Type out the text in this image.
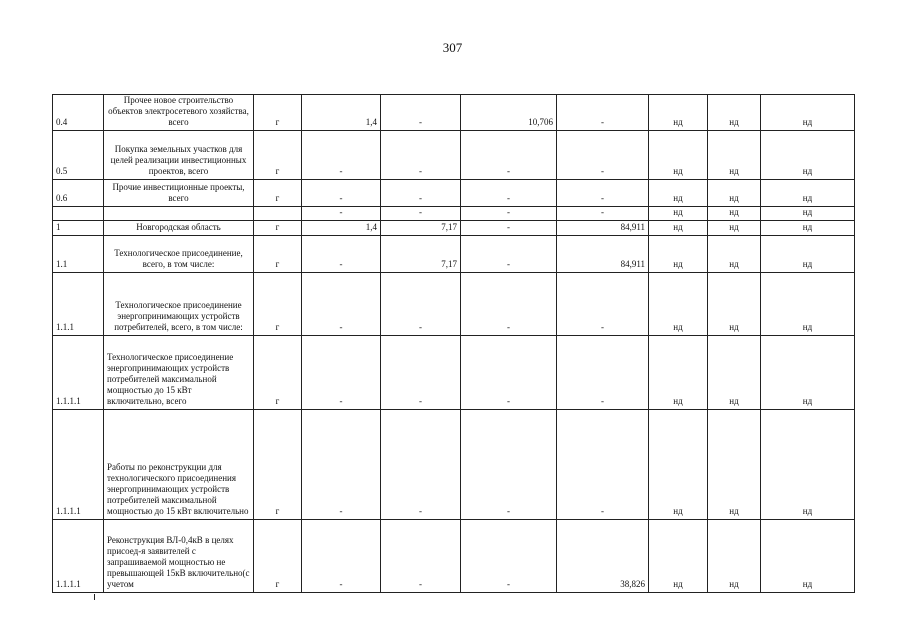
307
0.4	Прочее новое строительство объектов электросетевого хозяйства, всего	г	1,4	-	10,706	-	нд	нд	нд
0.5	Покупка земельных участков для целей реализации инвестиционных проектов, всего	г	-	-	-	-	нд	нд	нд
0.6	Прочие инвестиционные проекты, всего	г	-	-	-	-	нд	нд	нд
			-	-	-	-	нд	нд	нд
1	Новгородская область	г	1,4	7,17	-	84,911	нд	нд	нд
1.1	Технологическое присоединение, всего, в том числе:	г	-	7,17	-	84,911	нд	нд	нд
1.1.1	Технологическое присоединение энергопринимающих устройств потребителей, всего, в том числе:	г	-	-	-	-	нд	нд	нд
1.1.1.1	Технологическое присоединение энергопринимающих устройств потребителей максимальной мощностью до 15 кВт включительно, всего	г	-	-	-	-	нд	нд	нд
1.1.1.1	Работы по реконструкции для технологического присоединения энергопринимающих устройств потребителей максимальной мощностью до 15 кВт включительно	г	-	-	-	-	нд	нд	нд
1.1.1.1	Реконструкция ВЛ-0,4кВ в целях присоед-я заявителей с запрашиваемой мощностью не превышающей 15кВ включительно(с учетом	г	-	-	-	38,826	нд	нд	нд
